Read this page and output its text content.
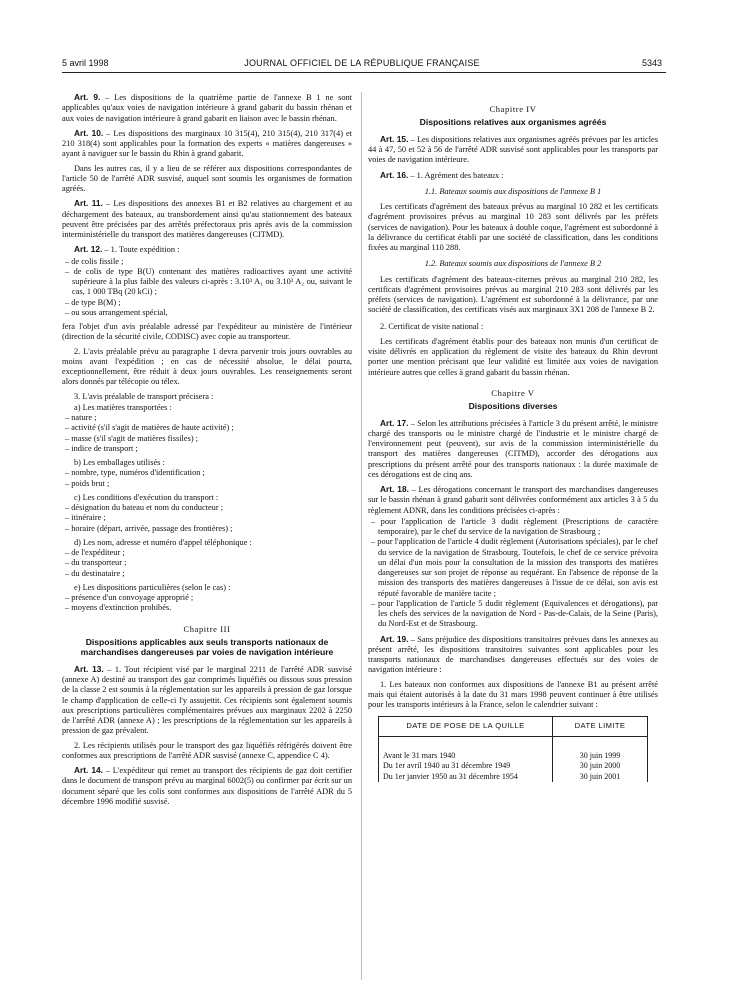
5 avril 1998	JOURNAL OFFICIEL DE LA RÉPUBLIQUE FRANÇAISE	5343

Art. 9. – Les dispositions de la quatrième partie de l'annexe B 1 ne sont applicables qu'aux voies de navigation intérieure à grand gabarit du bassin rhénan et aux voies de navigation intérieure à grand gabarit en liaison avec le bassin rhénan.

Art. 10. – Les dispositions des marginaux 10 315(4), 210 315(4), 210 317(4) et 210 318(4) sont applicables pour la formation des experts « matières dangereuses » ayant à naviguer sur le bassin du Rhin à grand gabarit.

Dans les autres cas, il y a lieu de se référer aux dispositions correspondantes de l'article 50 de l'arrêté ADR susvisé, auquel sont soumis les organismes de formation agréés.

Art. 11. – Les dispositions des annexes B1 et B2 relatives au chargement et au déchargement des bateaux, au transbordement ainsi qu'au stationnement des bateaux peuvent être précisées par des arrêtés préfectoraux pris après avis de la commission interministérielle du transport des matières dangereuses (CITMD).

Art. 12. – 1. Toute expédition :

– de colis fissile ;
– de colis de type B(U) contenant des matières radioactives ayant une activité supérieure à la plus faible des valeurs ci-après : 3.10³ A₁ ou 3.10³ A₂ ou, suivant le cas, 1 000 TBq (20 kCi) ;
– de type B(M) ;
– ou sous arrangement spécial,

fera l'objet d'un avis préalable adressé par l'expéditeur au ministère de l'intérieur (direction de la sécurité civile, CODISC) avec copie au transporteur.

2. L'avis préalable prévu au paragraphe 1 devra parvenir trois jours ouvrables au moins avant l'expédition ; en cas de nécessité absolue, le délai pourra, exceptionnellement, être réduit à deux jours ouvrables. Les renseignements seront alors donnés par télécopie ou télex.

3. L'avis préalable de transport précisera :

a) Les matières transportées :

– nature ;
– activité (s'il s'agit de matières de haute activité) ;
– masse (s'il s'agit de matières fissiles) ;
– indice de transport ;

b) Les emballages utilisés :

– nombre, type, numéros d'identification ;
– poids brut ;

c) Les conditions d'exécution du transport :

– désignation du bateau et nom du conducteur ;
– itinéraire ;
– horaire (départ, arrivée, passage des frontières) ;

d) Les nom, adresse et numéro d'appel téléphonique :

– de l'expéditeur ;
– du transporteur ;
– du destinataire ;

e) Les dispositions particulières (selon le cas) :

– présence d'un convoyage approprié ;
– moyens d'extinction prohibés.
Chapitre III
Dispositions applicables aux seuls transports nationaux de marchandises dangereuses par voies de navigation intérieure

Art. 13. – 1. Tout récipient visé par le marginal 2211 de l'arrêté ADR susvisé (annexe A) destiné au transport des gaz comprimés liquéfiés ou dissous sous pression de la classe 2 est soumis à la réglementation sur les appareils à pression de gaz lorsque le champ d'application de celle-ci l'y assujettit. Ces récipients sont également soumis aux prescriptions particulières complémentaires prévues aux marginaux 2202 à 2250 de l'arrêté ADR (annexe A) ; les prescriptions de la réglementation sur les appareils à pression de gaz prévalent.

2. Les récipients utilisés pour le transport des gaz liquéfiés réfrigérés doivent être conformes aux prescriptions de l'arrêté ADR susvisé (annexe C, appendice C 4).

Art. 14. – L'expéditeur qui remet au transport des récipients de gaz doit certifier dans le document de transport prévu au marginal 6002(5) ou confirmer par écrit sur un document séparé que les colis sont conformes aux dispositions de l'arrêté ADR du 5 décembre 1996 modifié susvisé.

Chapitre IV
Dispositions relatives aux organismes agréés

Art. 15. – Les dispositions relatives aux organismes agréés prévues par les articles 44 à 47, 50 et 52 à 56 de l'arrêté ADR susvisé sont applicables pour les transports par voies de navigation intérieure.

Art. 16. – 1. Agrément des bateaux :

1.1. Bateaux soumis aux dispositions de l'annexe B 1

Les certificats d'agrément des bateaux prévus au marginal 10 282 et les certificats d'agrément provisoires prévus au marginal 10 283 sont délivrés par les préfets (services de navigation). Pour les bateaux à double coque, l'agrément est subordonné à la délivrance du certificat établi par une société de classification, dans les conditions fixées au marginal 110 288.

1.2. Bateaux soumis aux dispositions de l'annexe B 2

Les certificats d'agrément des bateaux-citernes prévus au marginal 210 282, les certificats d'agrément provisoires prévus au marginal 210 283 sont délivrés par les préfets (services de navigation). L'agrément est subordonné à la délivrance, par une société de classification, des certificats visés aux marginaux 3X1 208 de l'annexe B 2.

2. Certificat de visite national :

Les certificats d'agrément établis pour des bateaux non munis d'un certificat de visite délivrés en application du règlement de visite des bateaux du Rhin devront porter une mention précisant que leur validité est limitée aux voies de navigation intérieure autres que celles à grand gabarit du bassin rhénan.

Chapitre V
Dispositions diverses

Art. 17. – Selon les attributions précisées à l'article 3 du présent arrêté, le ministre chargé des transports ou le ministre chargé de l'industrie et le ministre chargé de l'environnement peut (peuvent), sur avis de la commission interministérielle du transport des matières dangereuses (CITMD), accorder des dérogations aux prescriptions du présent arrêté pour des transports nationaux : la durée maximale de ces dérogations est de cinq ans.

Art. 18. – Les dérogations concernant le transport des marchandises dangereuses sur le bassin rhénan à grand gabarit sont délivrées conformément aux articles 3 à 5 du règlement ADNR, dans les conditions précisées ci-après :

– pour l'application de l'article 3 dudit règlement (Prescriptions de caractère temporaire), par le chef du service de la navigation de Strasbourg ;
– pour l'application de l'article 4 dudit règlement (Autorisations spéciales), par le chef du service de la navigation de Strasbourg. Toutefois, le chef de ce service prévoira un délai d'un mois pour la consultation de la mission des transports des matières dangereuses sur son projet de réponse au requérant. En l'absence de réponse de la mission des transports des matières dangereuses à l'issue de ce délai, son avis est réputé favorable de manière tacite ;
– pour l'application de l'article 5 dudit règlement (Equivalences et dérogations), par les chefs des services de la navigation de Nord - Pas-de-Calais, de la Seine (Paris), du Nord-Est et de Strasbourg.

Art. 19. – Sans préjudice des dispositions transitoires prévues dans les annexes au présent arrêté, les dispositions transitoires suivantes sont applicables pour les transports nationaux de marchandises dangereuses effectués sur des voies de navigation intérieure :

1. Les bateaux non conformes aux dispositions de l'annexe B1 au présent arrêté mais qui étaient autorisés à la date du 31 mars 1998 peuvent continuer à être utilisés pour les transports intérieurs à la France, selon le calendrier suivant :

DATE DE POSE DE LA QUILLE	DATE LIMITE

Avant le 31 mars 1940	30 juin 1999
Du 1er avril 1940 au 31 décembre 1949	30 juin 2000
Du 1er janvier 1950 au 31 décembre 1954	30 juin 2001
